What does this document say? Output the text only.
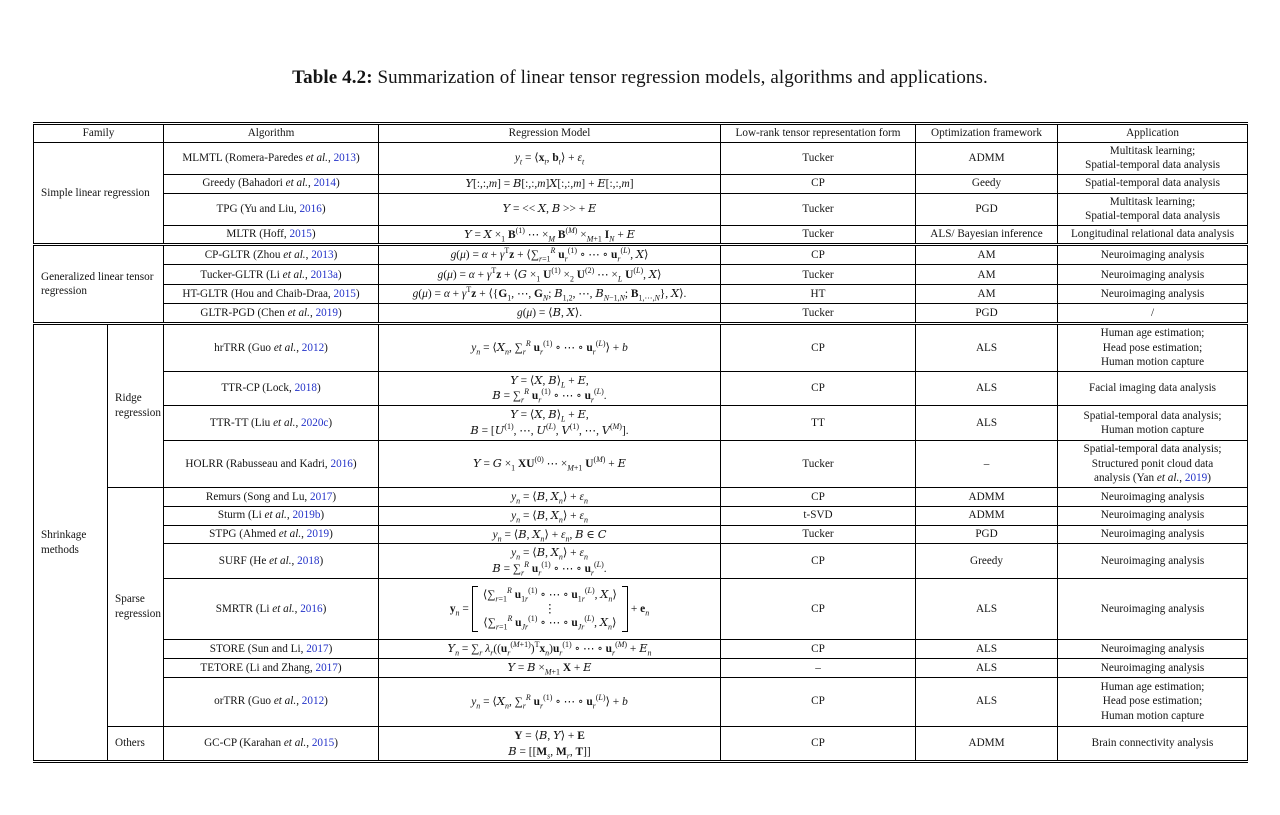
Table 4.2: Summarization of linear tensor regression models, algorithms and applications.
Family		Algorithm	Regression Model	Low-rank tensor representation form	Optimization framework	Application
Simple linear regression		MLMTL (Romera-Paredes et al., 2013)	$y_t$ = $⟨x_t$, $b_t⟩ + \varepsilon_t$	Tucker	ADMM	Multitask learning;
Spatial-temporal data analysis
		Greedy (Bahadori et al., 2014)	Y[:,:,m] = B[:,:,m]X[:,:,m] + E[:,:,m]	CP	Geedy	Spatial-temporal data analysis
		TPG (Yu and Liu, 2016)	Y = << X, B >> + E	Tucker	PGD	Multitask learning;
Spatial-temporal data analysis
		MLTR (Hoff, 2015)	$Y = X \times_1$ $B^{(1)}$ ⋯ $\times_M$ $B^{(M)} \times_{M+1}$ $I_N + E$	Tucker	ALS/ Bayesian inference	Longitudinal relational data analysis
Generalized linear tensor regression		CP-GLTR (Zhou et al., 2013)	$g(\mu) = \alpha + \gamma^Tz$ + $⟨\sum_{r=1}^R$ $u_r^{(1)}$ ∘ ⋯ ∘ $u_r^{(L)}$, X⟩	CP	AM	Neuroimaging analysis
		Tucker-GLTR (Li et al., 2013a)	$g(\mu) = \alpha + \gamma^Tz$ + ⟨G $\times_1$ $U^{(1)} \times_2$ $U^{(2)}$ ⋯ $\times_L$ $U^{(L)}$, X⟩	Tucker	AM	Neuroimaging analysis
		HT-GLTR (Hou and Chaib-Draa, 2015)	$g(\mu) = \alpha + \gamma^Tz$ + $⟨\{G_1$, ⋯, $G_N$; $B_{1,2}$, ⋯, $B_{N-1,N}$; $B_{1,\cdots,N}$}, X⟩.	HT	AM	Neuroimaging analysis
		GLTR-PGD (Chen et al., 2019)	g(μ) = ⟨B, X⟩.	Tucker	PGD	/
Shrinkage methods	Ridge regression	hrTRR (Guo et al., 2012)	$y_n$ = $⟨X_n$, $\sum_r^R$ $u_r^{(1)}$ ∘ ⋯ ∘ $u_r^{(L)}⟩ + b$	CP	ALS	Human age estimation;
Head pose estimation;
Human motion capture
		TTR-CP (Lock, 2018)	Y = ⟨X, $B⟩_L + E$,
$B = \sum_r^R$ $u_r^{(1)}$ ∘ ⋯ ∘ $u_r^{(L)}$.	CP	ALS	Facial imaging data analysis
		TTR-TT (Liu et al., 2020c)	Y = ⟨X, $B⟩_L + E$,
$B = [U^{(1)}$, ⋯, $U^{(L)}$, $V^{(1)}$, ⋯, $V^{(M)}$].	TT	ALS	Spatial-temporal data analysis;
Human motion capture
		HOLRR (Rabusseau and Kadri, 2016)	$Y = G \times_1$ XU$^{(0)}$ ⋯ $\times_{M+1}$ $U^{(M)} + E$	Tucker	–	Spatial-temporal data analysis;
Structured ponit cloud data
analysis (Yan et al., 2019)
	Sparse regression	Remurs (Song and Lu, 2017)	$y_n$ = ⟨B, $X_n⟩ + \varepsilon_n$	CP	ADMM	Neuroimaging analysis
		Sturm (Li et al., 2019b)	$y_n$ = ⟨B, $X_n⟩ + \varepsilon_n$	t-SVD	ADMM	Neuroimaging analysis
		STPG (Ahmed et al., 2019)	$y_n$ = ⟨B, $X_n⟩ + \varepsilon_n$, B ∈ C	Tucker	PGD	Neuroimaging analysis
		SURF (He et al., 2018)	$y_n$ = ⟨B, $X_n⟩ + \varepsilon_n$
$B = \sum_r^R$ $u_r^{(1)}$ ∘ ⋯ ∘ $u_r^{(L)}$.	CP	Greedy	Neuroimaging analysis
		SMRTR (Li et al., 2016)	$y_n$ =
$⟨\sum_{r=1}^R$ $u_{1r}^{(1)}$ ∘ ⋯ ∘ $u_{1r}^{(L)}$, $X_n⟩$
⋮
$⟨\sum_{r=1}^R$ $u_{Jr}^{(1)}$ ∘ ⋯ ∘ $u_{Jr}^{(L)}$, $X_n⟩$
+ $e_n$	CP	ALS	Neuroimaging analysis
		STORE (Sun and Li, 2017)	$Y_n = \sum_r$ $\lambda_r((u_r^{(M+1)})^Tx_n)u_r^{(1)}$ ∘ ⋯ ∘ $u_r^{(M)} + E_n$	CP	ALS	Neuroimaging analysis
		TETORE (Li and Zhang, 2017)	$Y = B \times_{M+1}$ X + E	–	ALS	Neuroimaging analysis
		orTRR (Guo et al., 2012)	$y_n$ = $⟨X_n$, $\sum_r^R$ $u_r^{(1)}$ ∘ ⋯ ∘ $u_r^{(L)}⟩ + b$	CP	ALS	Human age estimation;
Head pose estimation;
Human motion capture
	Others	GC-CP (Karahan et al., 2015)	Y = ⟨B, Y⟩ + E
$B = [[M_s$, $M_r$, T]]	CP	ADMM	Brain connectivity analysis
